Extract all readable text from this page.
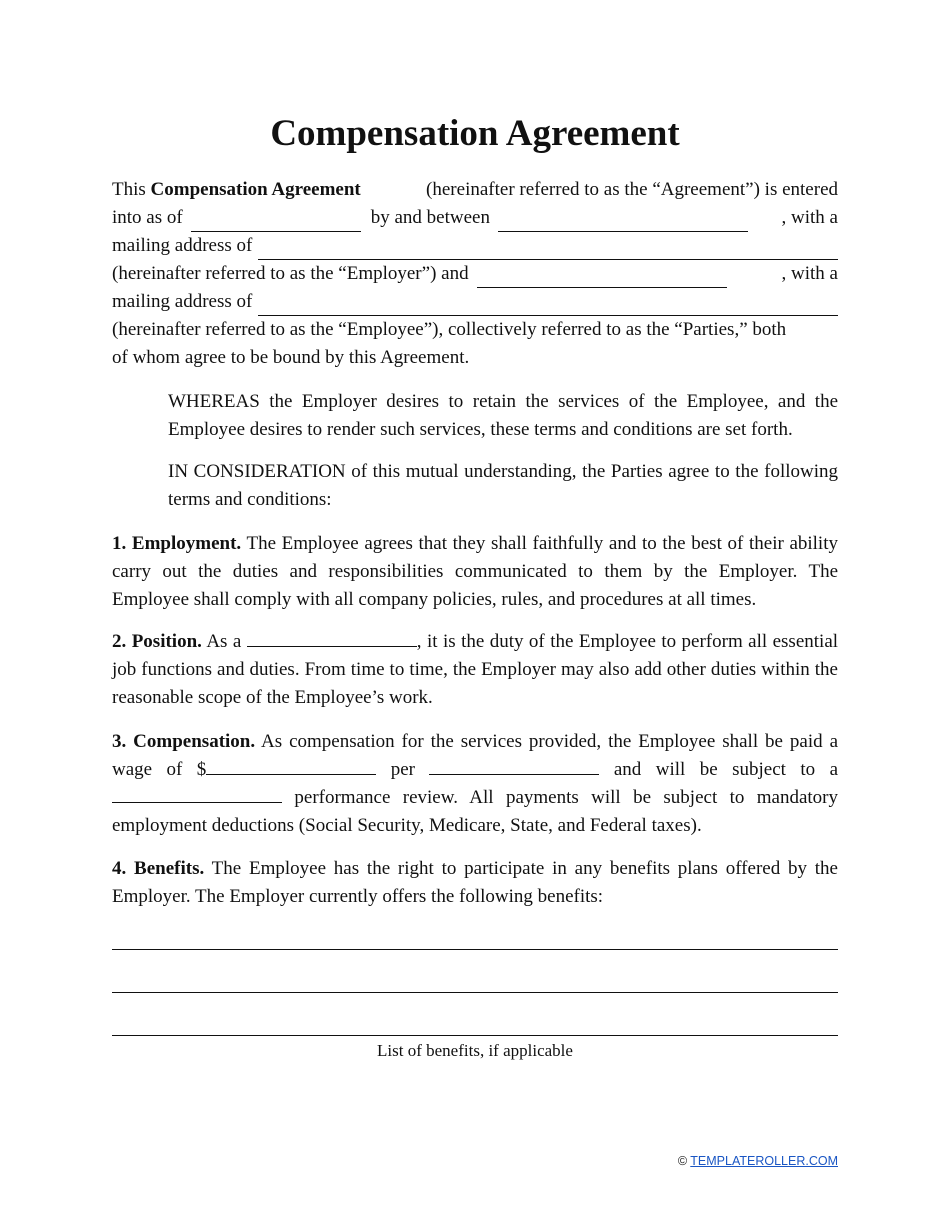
Compensation Agreement
This Compensation Agreement	(hereinafter referred to as the “Agreement”) is entered
into as of	by and between	, with a
mailing address of
(hereinafter referred to as the “Employer”) and	, with a
mailing address of
(hereinafter referred to as the “Employee”), collectively referred to as the “Parties,” both
of whom agree to be bound by this Agreement.

WHEREAS the Employer desires to retain the services of the Employee, and the Employee desires to render such services, these terms and conditions are set forth.

IN CONSIDERATION of this mutual understanding, the Parties agree to the following terms and conditions:

1. Employment. The Employee agrees that they shall faithfully and to the best of their ability carry out the duties and responsibilities communicated to them by the Employer. The Employee shall comply with all company policies, rules, and procedures at all times.

2. Position. As a	, it is the duty of the Employee to perform all essential job functions and duties. From time to time, the Employer may also add other duties within the reasonable scope of the Employee’s work.

3. Compensation. As compensation for the services provided, the Employee shall be paid a wage of $	per	and will be subject to a  performance review. All payments will be subject to mandatory employment deductions (Social Security, Medicare, State, and Federal taxes).

4. Benefits. The Employee has the right to participate in any benefits plans offered by the Employer. The Employer currently offers the following benefits:

List of benefits, if applicable
© TEMPLATEROLLER.COM
